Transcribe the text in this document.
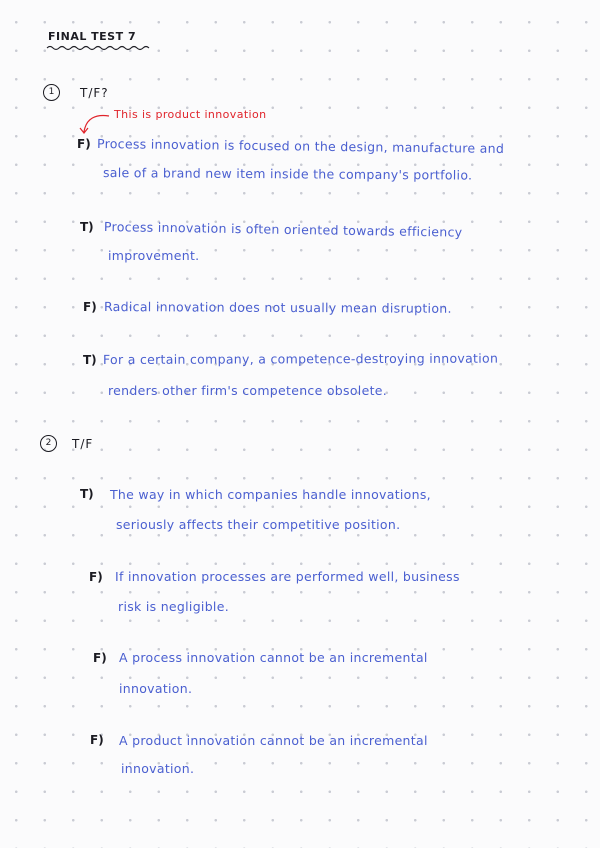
FINAL TEST 7
1	T/F?
This is product innovation
F) Process innovation is focused on the design, manufacture and
sale of a brand new item inside the company's portfolio.
T) Process innovation is often oriented towards efficiency
improvement.
F) Radical innovation does not usually mean disruption.
T) For a certain company, a competence-destroying innovation
renders other firm's competence obsolete.
2	T/F
T) The way in which companies handle innovations,
seriously affects their competitive position.
F) If innovation processes are performed well, business
risk is negligible.
F) A process innovation cannot be an incremental
innovation.
F) A product innovation cannot be an incremental
innovation.
